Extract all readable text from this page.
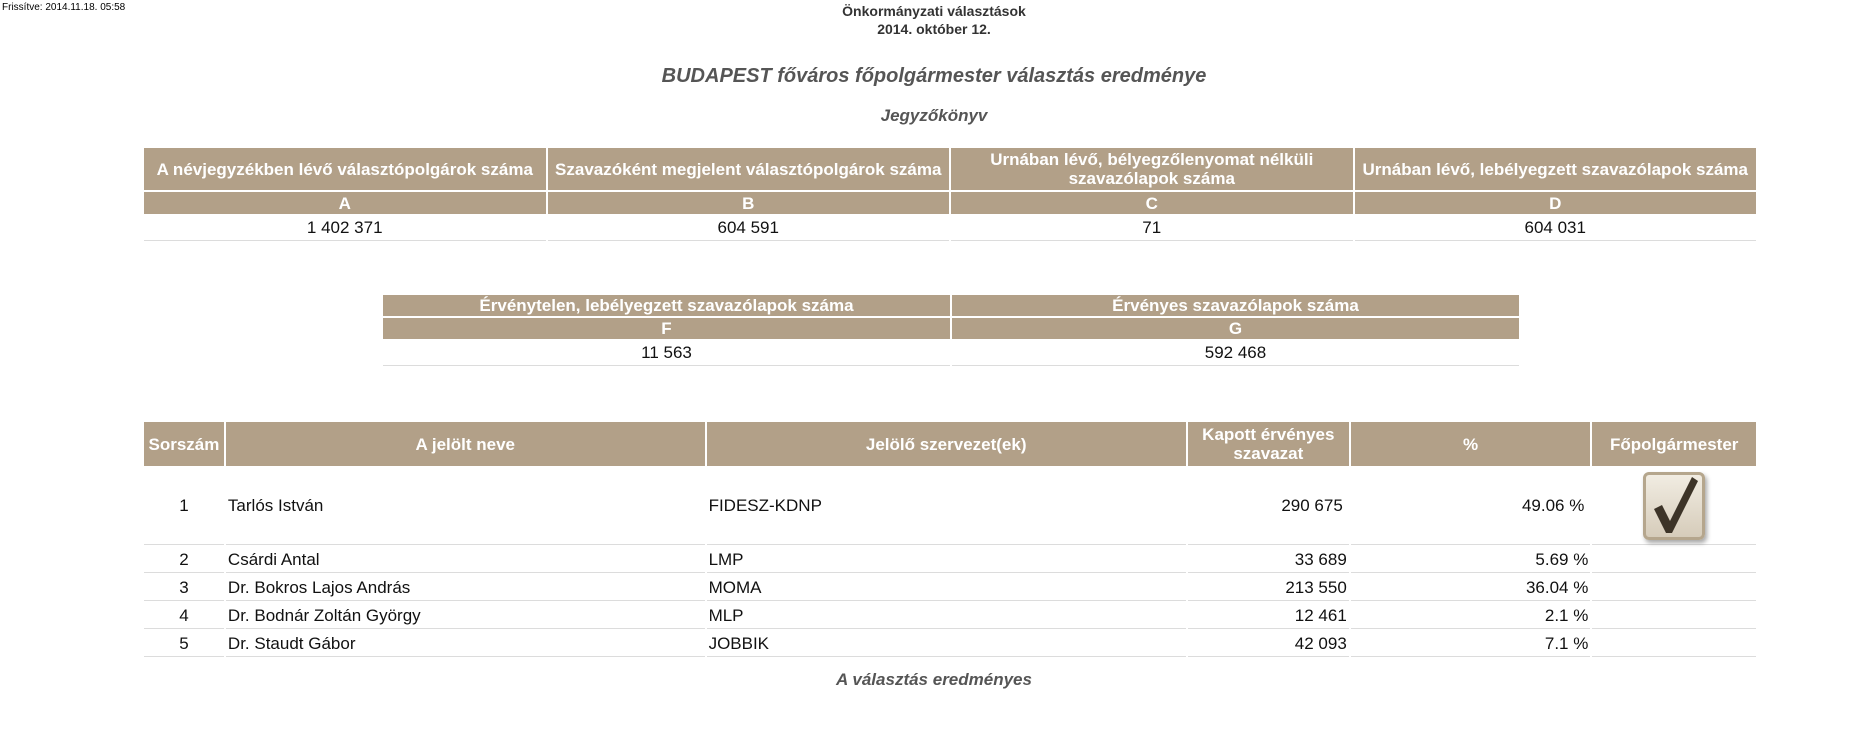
Frissítve: 2014.11.18. 05:58	Önkormányzati választások
2014. október 12.
BUDAPEST főváros főpolgármester választás eredménye
Jegyzőkönyv
A névjegyzékben lévő választópolgárok száma	Szavazóként megjelent választópolgárok száma	Urnában lévő, bélyegzőlenyomat nélküli szavazólapok száma	Urnában lévő, lebélyegzett szavazólapok száma
A	B	C	D
1 402 371	604 591	71	604 031
Érvénytelen, lebélyegzett szavazólapok száma	Érvényes szavazólapok száma
F	G
11 563	592 468
Sorszám	A jelölt neve	Jelölő szervezet(ek)	Kapott érvényes szavazat	%	Főpolgármester
1	Tarlós István	FIDESZ-KDNP	290 675	49.06 %	

2	Csárdi Antal	LMP	33 689	5.69 %	
3	Dr. Bokros Lajos András	MOMA	213 550	36.04 %	
4	Dr. Bodnár Zoltán György	MLP	12 461	2.1 %	
5	Dr. Staudt Gábor	JOBBIK	42 093	7.1 %	
A választás eredményes
